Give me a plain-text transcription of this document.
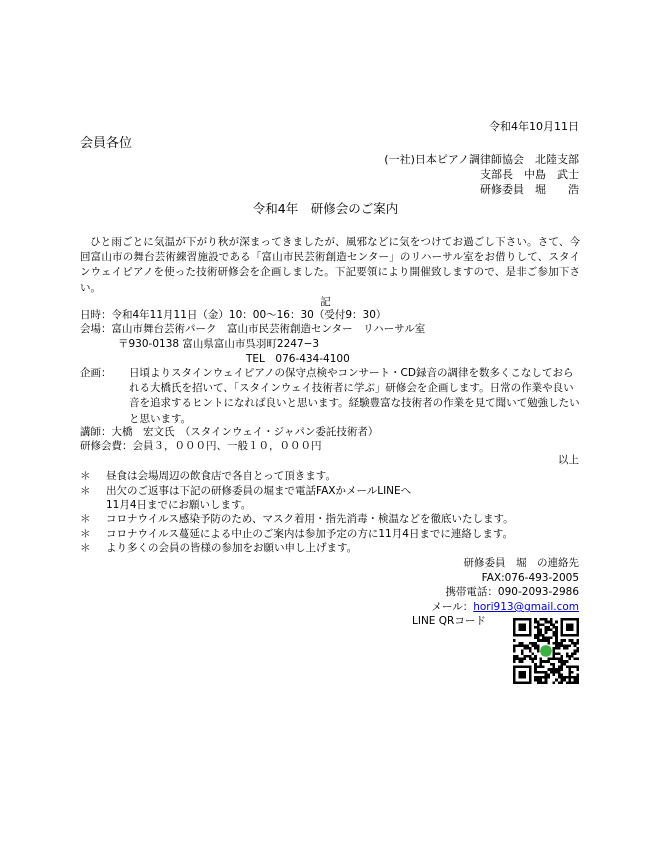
令和4年10月11日
会員各位
(一社)日本ピアノ調律師協会　北陸支部
支部長　中島　武士
研修委員　堀　　浩
令和4年　研修会のご案内
ひと雨ごとに気温が下がり秋が深まってきましたが、風邪などに気をつけてお過ごし下さい。さて、今回富山市の舞台芸術練習施設である「富山市民芸術創造センター」のリハーサル室をお借りして、スタインウェイピアノを使った技術研修会を企画しました。下記要領により開催致しますので、是非ご参加下さい。
記
日時：令和4年11月11日（金）10：00～16：30（受付9：30）
会場：富山市舞台芸術パーク　富山市民芸術創造センター　リハーサル室
〒930-0138 富山県富山市呉羽町2247−3
TEL　076-434-4100
企画： 日頃よりスタインウェイピアノの保守点検やコンサート・CD録音の調律を数多くこなしておられる大橋氏を招いて、「スタインウェイ技術者に学ぶ」研修会を企画します。日常の作業や良い音を追求するヒントになれば良いと思います。経験豊富な技術者の作業を見て聞いて勉強したいと思います。
講師：大橋　宏文氏　（スタインウェイ・ジャパン委託技術者）
研修会費：会員３，０００円、一般１０，０００円
以上
＊ 昼食は会場周辺の飲食店で各自とって頂きます。
＊ 出欠のご返事は下記の研修委員の堀まで電話FAXかメールLINEへ
11月4日までにお願いします。
＊ コロナウイルス感染予防のため、マスク着用・指先消毒・検温などを徹底いたします。
＊ コロナウイルス蔓延による中止のご案内は参加予定の方に11月4日までに連絡します。
＊ より多くの会員の皆様の参加をお願い申し上げます。
研修委員　堀　の連絡先
FAX:076-493-2005
携帯電話：090-2093-2986
メール：hori913@gmail.com
LINE QRコード
